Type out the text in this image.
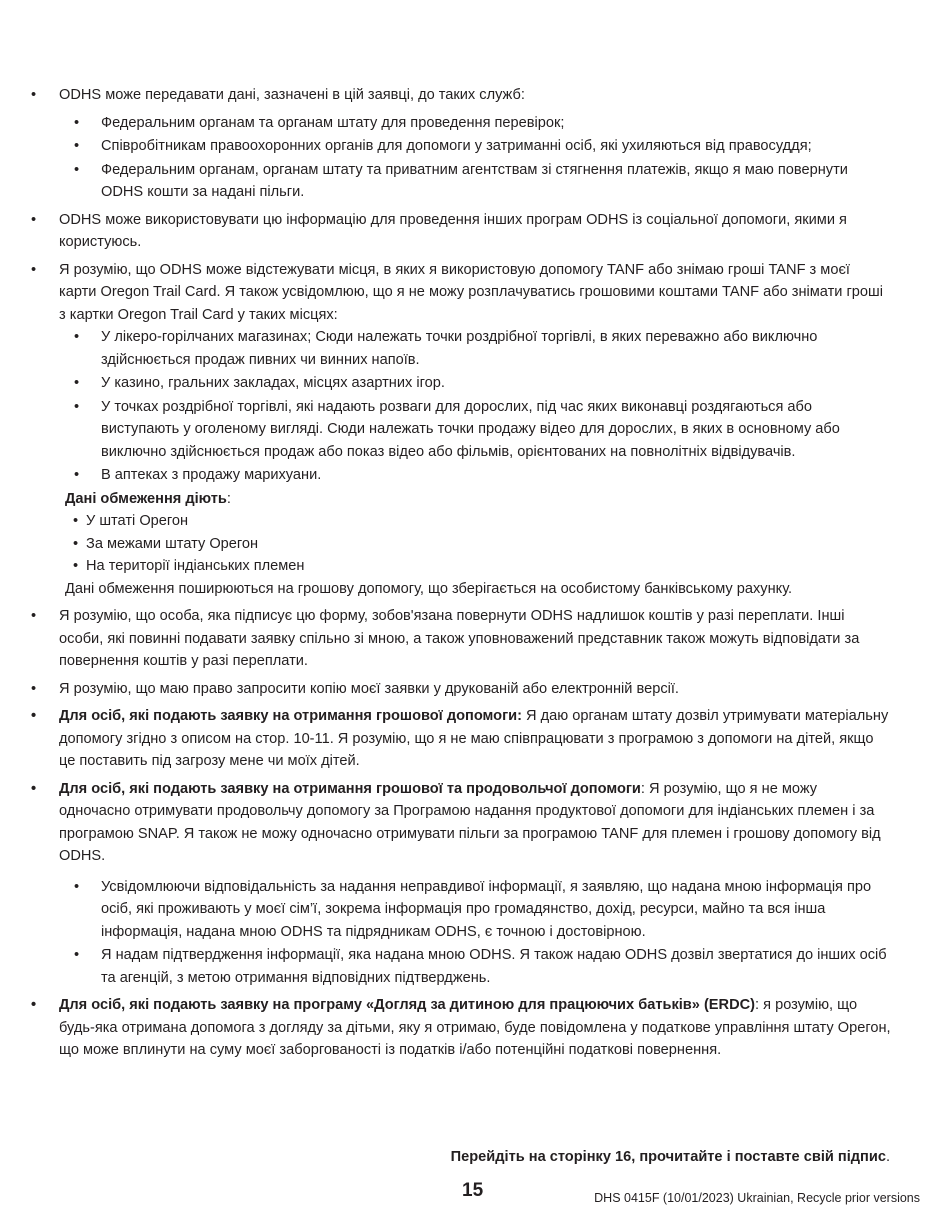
• ODHS може передавати дані, зазначені в цій заявці, до таких служб:
• Федеральним органам та органам штату для проведення перевірок;
• Співробітникам правоохоронних органів для допомоги у затриманні осіб, які ухиляються від правосуддя;
• Федеральним органам, органам штату та приватним агентствам зі стягнення платежів, якщо я маю повернути ODHS кошти за надані пільги.
• ODHS може використовувати цю інформацію для проведення інших програм ODHS із соціальної допомоги, якими я користуюсь.
• Я розумію, що ODHS може відстежувати місця, в яких я використовую допомогу TANF або знімаю гроші TANF з моєї карти Oregon Trail Card. Я також усвідомлюю, що я не можу розплачуватись грошовими коштами TANF або знімати гроші з картки Oregon Trail Card у таких місцях:
• У лікеро-горілчаних магазинах; Сюди належать точки роздрібної торгівлі, в яких переважно або виключно здійснюється продаж пивних чи винних напоїв.
• У казино, гральних закладах, місцях азартних ігор.
• У точках роздрібної торгівлі, які надають розваги для дорослих, під час яких виконавці роздягаються або виступають у оголеному вигляді. Сюди належать точки продажу відео для дорослих, в яких в основному або виключно здійснюється продаж або показ відео або фільмів, орієнтованих на повнолітніх відвідувачів.
• В аптеках з продажу марихуани.
Дані обмеження діють:
• У штаті Орегон
• За межами штату Орегон
• На території індіанських племен
Дані обмеження поширюються на грошову допомогу, що зберігається на особистому банківському рахунку.
• Я розумію, що особа, яка підписує цю форму, зобов'язана повернути ODHS надлишок коштів у разі переплати. Інші особи, які повинні подавати заявку спільно зі мною, а також уповноважений представник також можуть відповідати за повернення коштів у разі переплати.
• Я розумію, що маю право запросити копію моєї заявки у друкованій або електронній версії.
• Для осіб, які подають заявку на отримання грошової допомоги: Я даю органам штату дозвіл утримувати матеріальну допомогу згідно з описом на стор. 10-11. Я розумію, що я не маю співпрацювати з програмою з допомоги на дітей, якщо це поставить під загрозу мене чи моїх дітей.
• Для осіб, які подають заявку на отримання грошової та продовольчої допомоги: Я розумію, що я не можу одночасно отримувати продовольчу допомогу за Програмою надання продуктової допомоги для індіанських племен і за програмою SNAP. Я також не можу одночасно отримувати пільги за програмою TANF для племен і грошову допомогу від ODHS.
• Усвідомлюючи відповідальність за надання неправдивої інформації, я заявляю, що надана мною інформація про осіб, які проживають у моєї сім’ї, зокрема інформація про громадянство, дохід, ресурси, майно та вся інша інформація, надана мною ODHS та підрядникам ODHS, є точною і достовірною.
• Я надам підтвердження інформації, яка надана мною ODHS. Я також надаю ODHS дозвіл звертатися до інших осіб та агенцій, з метою отримання відповідних підтверджень.
• Для осіб, які подають заявку на програму «Догляд за дитиною для працюючих батьків» (ERDC): я розумію, що будь-яка отримана допомога з догляду за дітьми, яку я отримаю, буде повідомлена у податкове управління штату Орегон, що може вплинути на суму моєї заборгованості із податків і/або потенційні податкові повернення.
Перейдіть на сторінку 16, прочитайте і поставте свій підпис.
15	DHS 0415F (10/01/2023) Ukrainian, Recycle prior versions
